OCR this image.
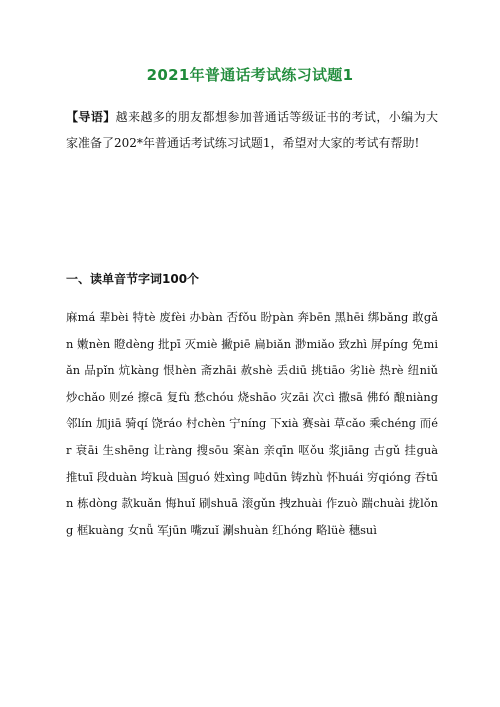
2021年普通话考试练习试题1
【导语】越来越多的朋友都想参加普通话等级证书的考试，小编为大家准备了202*年普通话考试练习试题1，希望对大家的考试有帮助!
一、读单音节字词100个
麻má 辈bèi 特tè 废fèi 办bàn 否fǒu 盼pàn 奔bēn 黑hēi 绑bǎng 敢gǎn 嫩nèn 瞪dèng 批pī 灭miè 撇piē 扁biǎn 渺miǎo 致zhì 屏píng 免miǎn 品pǐn 炕kàng 恨hèn 斋zhāi 赦shè 丢diū 挑tiāo 劣liè 热rè 纽niǔ 炒chǎo 则zé 擦cā 复fù 愁chóu 烧shāo 灾zāi 次cì 撒sā 佛fó 酿niàng 邻lín 加jiā 骑qí 饶ráo 村chèn 宁níng 下xià 赛sài 草cǎo 乘chéng 而ér 衰āi 生shēng 让ràng 搜sōu 案àn 亲qīn 呕ǒu 浆jiāng 古gǔ 挂guà 推tuī 段duàn 垮kuà 国guó 姓xìng 吨dūn 铸zhù 怀huái 穷qióng 吞tūn 栋dòng 款kuǎn 悔huǐ 刷shuā 滚gǔn 拽zhuài 作zuò 踹chuài 拢lǒng 框kuàng 女nǚ 军jūn 嘴zuǐ 涮shuàn 红hóng 略lüè 穗suì
